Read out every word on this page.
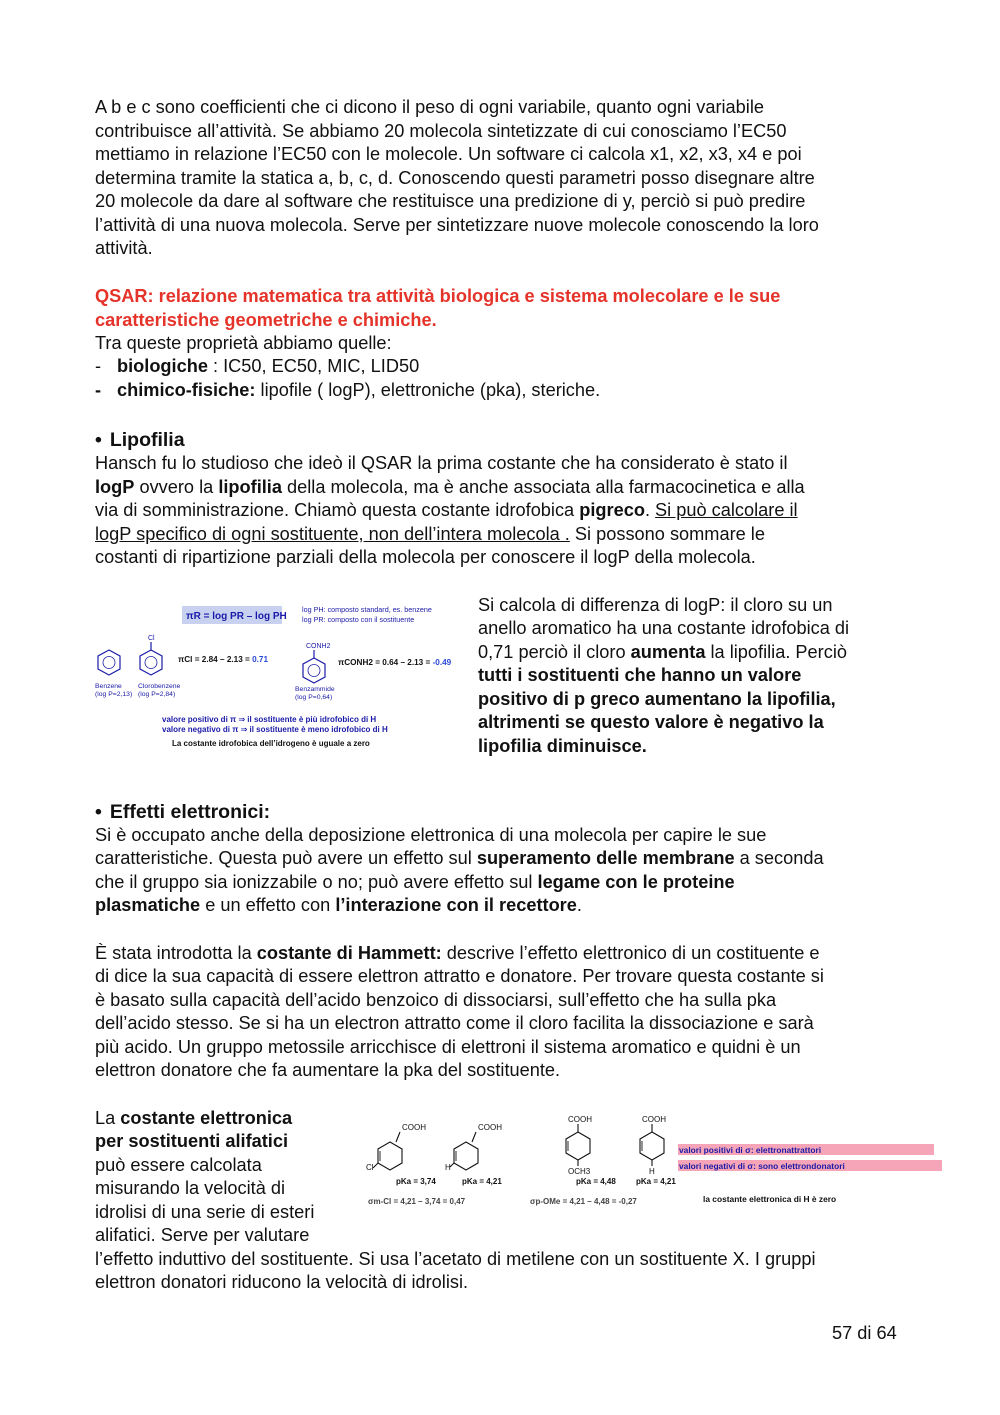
A b e c sono coefficienti che ci dicono il peso di ogni variabile, quanto ogni variabile

contribuisce all’attività. Se abbiamo 20 molecola sintetizzate di cui conosciamo l’EC50

mettiamo in relazione l’EC50 con le molecole. Un software ci calcola x1, x2, x3, x4 e poi

determina tramite la statica a, b, c, d. Conoscendo questi parametri posso disegnare altre

20 molecole da dare al software che restituisce una predizione di y, perciò si può predire

l’attività di una nuova molecola. Serve per sintetizzare nuove molecole conoscendo la loro

attività.

QSAR: relazione matematica tra attività biologica e sistema molecolare e le sue

caratteristiche geometriche e chimiche.

Tra queste proprietà abbiamo quelle:

- biologiche : IC50, EC50, MIC, LID50
- chimico-fisiche: lipofile ( logP), elettroniche (pka), steriche.
• Lipofilia

Hansch fu lo studioso che ideò il QSAR la prima costante che ha considerato è stato il

logP ovvero la lipofilia della molecola, ma è anche associata alla farmacocinetica e alla

via di somministrazione. Chiamò questa costante idrofobica pigreco. Si può calcolare il

logP specifico di ogni sostituente, non dell’intera molecola . Si possono sommare le

costanti di ripartizione parziali della molecola per conoscere il logP della molecola.

πR = log PR – log PH
log PH: composto standard, es. benzene
log PR: composto con il sostituente
Benzene
(log P=2,13)
Cl
Clorobenzene
(log P=2,84)
πCl = 2.84 – 2.13 = 0.71
CONH2
Benzammide
(log P=0,64)
πCONH2 = 0.64 – 2.13 = -0.49
valore positivo di π ⇒ il sostituente è più idrofobico di H
valore negativo di π ⇒ il sostituente è meno idrofobico di H
La costante idrofobica dell’idrogeno è uguale a zero

Si calcola di differenza di logP: il cloro su un

anello aromatico ha una costante idrofobica di

0,71 perciò il cloro aumenta la lipofilia. Perciò

tutti i sostituenti che hanno un valore

positivo di p greco aumentano la lipofilia,

altrimenti se questo valore è negativo la

lipofilia diminuisce.

• Effetti elettronici:

Si è occupato anche della deposizione elettronica di una molecola per capire le sue

caratteristiche. Questa può avere un effetto sul superamento delle membrane a seconda

che il gruppo sia ionizzabile o no; può avere effetto sul legame con le proteine

plasmatiche e un effetto con l’interazione con il recettore.

È stata introdotta la costante di Hammett: descrive l’effetto elettronico di un costituente e

di dice la sua capacità di essere elettron attratto e donatore. Per trovare questa costante si

è basato sulla capacità dell’acido benzoico di dissociarsi, sull’effetto che ha sulla pka

dell’acido stesso. Se si ha un electron attratto come il cloro facilita la dissociazione e sarà

più acido. Un gruppo metossile arricchisce di elettroni il sistema aromatico e quidni è un

elettron donatore che fa aumentare la pka del sostituente.

La costante elettronica

per sostituenti alifatici

può essere calcolata

misurando la velocità di

idrolisi di una serie di esteri

alifatici. Serve per valutare

l’effetto induttivo del sostituente. Si usa l’acetato di metilene con un sostituente X. I gruppi

elettron donatori riducono la velocità di idrolisi.

COOH
Cl
pKa = 3,74
COOH
H
pKa = 4,21
COOH
OCH3
pKa = 4,48
COOH
H
pKa = 4,21
σm-Cl = 4,21 – 3,74 = 0,47	σp-OMe = 4,21 – 4,48 = -0,27
valori positivi di σ: elettronattrattori
valori negativi di σ: sono elettrondonatori
la costante elettronica di H è zero
57 di 64
